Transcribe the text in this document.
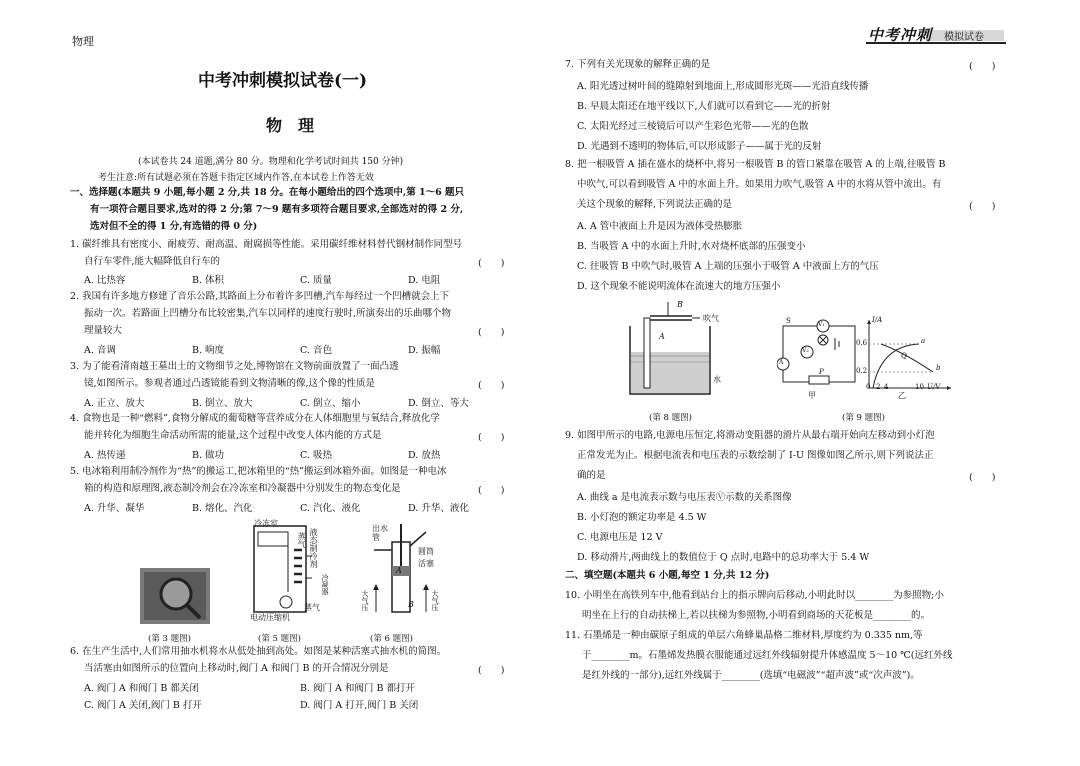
物理	中考冲刺 模拟试卷
中考冲刺模拟试卷(一)
物　理
(本试卷共 24 道题,满分 80 分。物理和化学考试时间共 150 分钟)
考生注意:所有试题必须在答题卡指定区域内作答,在本试卷上作答无效
一、选择题(本题共 9 小题,每小题 2 分,共 18 分。在每小题给出的四个选项中,第 1～6 题只
有一项符合题目要求,选对的得 2 分;第 7～9 题有多项符合题目要求,全部选对的得 2 分,
选对但不全的得 1 分,有选错的得 0 分)
1. 碳纤维具有密度小、耐疲劳、耐高温、耐腐损等性能。采用碳纤维材料替代钢材制作同型号
自行车零件,能大幅降低自行车的	(　　)
A. 比热容	B. 体积	C. 质量	D. 电阻
2. 我国有许多地方修建了音乐公路,其路面上分布着许多凹槽,汽车每经过一个凹槽就会上下
振动一次。若路面上凹槽分布比较密集,汽车以同样的速度行驶时,所演奏出的乐曲哪个物
理量较大	(　　)
A. 音调	B. 响度	C. 音色	D. 振幅
3. 为了能看清南越王墓出土的文物细节之处,博物馆在文物前面放置了一面凸透
镜,如图所示。参观者通过凸透镜能看到文物清晰的像,这个像的性质是	(　　)
A. 正立、放大	B. 倒立、放大	C. 倒立、缩小	D. 倒立、等大
4. 食物也是一种“燃料”,食物分解成的葡萄糖等营养成分在人体细胞里与氧结合,释放化学
能并转化为细胞生命活动所需的能量,这个过程中改变人体内能的方式是	(　　)
A. 热传递	B. 做功	C. 吸热	D. 放热
5. 电冰箱利用制冷剂作为“热”的搬运工,把冰箱里的“热”搬运到冰箱外面。如图是一种电冰
箱的构造和原理图,液态制冷剂会在冷冻室和冷凝器中分别发生的物态变化是	(　　)
A. 升华、凝华	B. 熔化、汽化	C. 汽化、液化	D. 升华、液化
(第 3 题图)
冷冻室
蒸气 液态制冷剂
冷凝器
蒸气
电动压缩机
(第 5 题图)
出水管
圆筒
活塞
A
B
大气压	大气压
(第 6 题图)
6. 在生产生活中,人们常用抽水机将水从低处抽到高处。如图是某种活塞式抽水机的简图。
当活塞由如图所示的位置向上移动时,阀门 A 和阀门 B 的开合情况分别是	(　　)
A. 阀门 A 和阀门 B 都关闭	B. 阀门 A 和阀门 B 都打开
C. 阀门 A 关闭,阀门 B 打开	D. 阀门 A 打开,阀门 B 关闭
7. 下列有关光现象的解释正确的是	(　　)
A. 阳光透过树叶间的缝隙射到地面上,形成圆形光斑——光沿直线传播
B. 早晨太阳还在地平线以下,人们就可以看到它——光的折射
C. 太阳光经过三棱镜后可以产生彩色光带——光的色散
D. 光遇到不透明的物体后,可以形成影子——属于光的反射
8. 把一根吸管 A 插在盛水的烧杯中,将另一根吸管 B 的管口紧靠在吸管 A 的上端,往吸管 B
中吹气,可以看到吸管 A 中的水面上升。如果用力吹气,吸管 A 中的水将从管中流出。有
关这个现象的解释,下列说法正确的是	(　　)
A. A 管中液面上升是因为液体受热膨胀
B. 当吸管 A 中的水面上升时,水对烧杯底部的压强变小
C. 往吸管 B 中吹气时,吸管 A 上端的压强小于吸管 A 中液面上方的气压
D. 这个现象不能说明流体在流速大的地方压强小
B
A
吹气
水
(第 8 题图)
S	V₁
V₂
A
P
甲
I/A
0.6
0.2
0 2 4	10 U/V
a
Q
b
乙
(第 9 题图)
9. 如图甲所示的电路,电源电压恒定,将滑动变阻器的滑片从最右端开始向左移动到小灯泡
正常发光为止。根据电流表和电压表的示数绘制了 I-U 图像如图乙所示,则下列说法正
确的是	(　　)
A. 曲线 a 是电流表示数与电压表Ⓥ示数的关系图像
B. 小灯泡的额定功率是 4.5 W
C. 电源电压是 12 V
D. 移动滑片,两曲线上的数值位于 Q 点时,电路中的总功率大于 5.4 W
二、填空题(本题共 6 小题,每空 1 分,共 12 分)
10. 小明坐在高铁列车中,他看到站台上的指示牌向后移动,小明此时以________为参照物;小
明坐在上行的自动扶梯上,若以扶梯为参照物,小明看到商场的天花板是________的。
11. 石墨烯是一种由碳原子组成的单层六角蜂巢晶格二维材料,厚度约为 0.335 nm,等
于________m。石墨烯发热膜衣服能通过远红外线辐射提升体感温度 5～10 ℃(远红外线
是红外线的一部分),远红外线属于________(选填“电磁波”“超声波”或“次声波”)。
